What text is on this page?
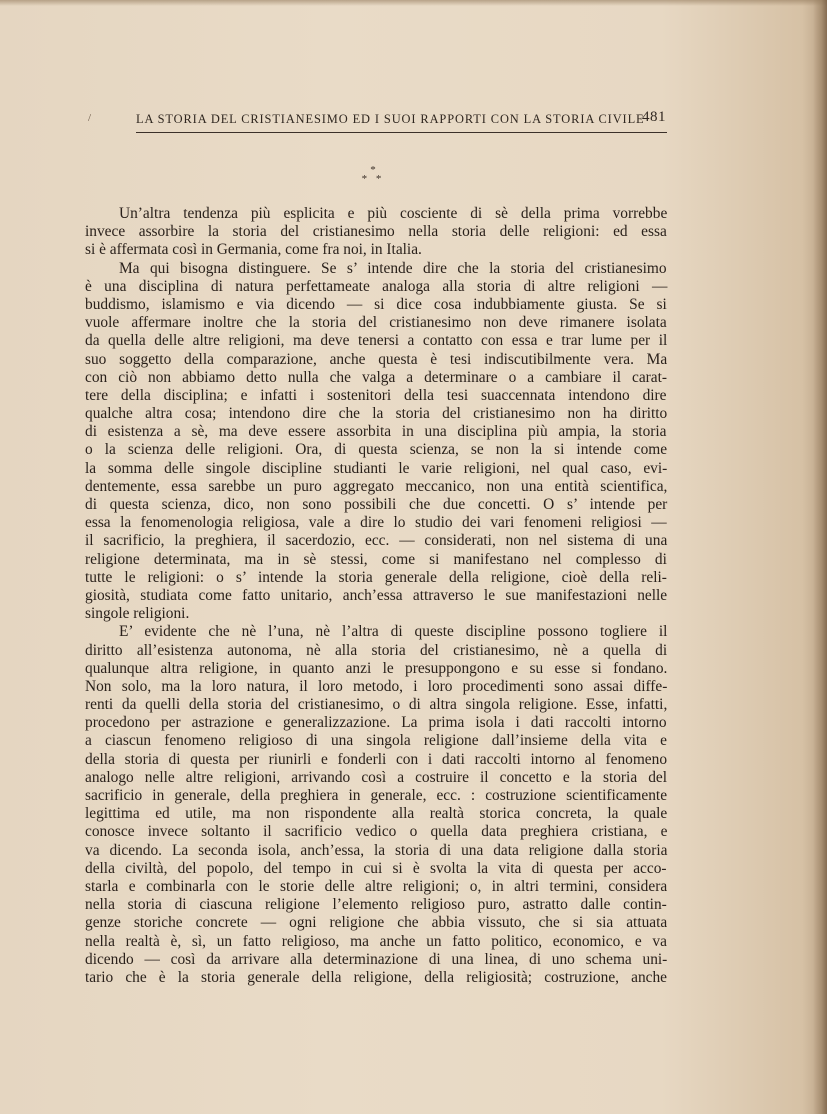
/	LA STORIA DEL CRISTIANESIMO ED I SUOI RAPPORTI CON LA STORIA CIVILE
481
*
* *
Un’altra tendenza più esplicita e più cosciente di sè della prima vorrebbe
invece assorbire la storia del cristianesimo nella storia delle religioni: ed essa
si è affermata così in Germania, come fra noi, in Italia.
Ma qui bisogna distinguere. Se s’ intende dire che la storia del cristianesimo
è una disciplina di natura perfettameate analoga alla storia di altre religioni —
buddismo, islamismo e via dicendo — si dice cosa indubbiamente giusta. Se si
vuole affermare inoltre che la storia del cristianesimo non deve rimanere isolata
da quella delle altre religioni, ma deve tenersi a contatto con essa e trar lume per il
suo soggetto della comparazione, anche questa è tesi indiscutibilmente vera. Ma
con ciò non abbiamo detto nulla che valga a determinare o a cambiare il carat-
tere della disciplina; e infatti i sostenitori della tesi suaccennata intendono dire
qualche altra cosa; intendono dire che la storia del cristianesimo non ha diritto
di esistenza a sè, ma deve essere assorbita in una disciplina più ampia, la storia
o la scienza delle religioni. Ora, di questa scienza, se non la si intende come
la somma delle singole discipline studianti le varie religioni, nel qual caso, evi-
dentemente, essa sarebbe un puro aggregato meccanico, non una entità scientifica,
di questa scienza, dico, non sono possibili che due concetti. O s’ intende per
essa la fenomenologia religiosa, vale a dire lo studio dei vari fenomeni religiosi —
il sacrificio, la preghiera, il sacerdozio, ecc. — considerati, non nel sistema di una
religione determinata, ma in sè stessi, come si manifestano nel complesso di
tutte le religioni: o s’ intende la storia generale della religione, cioè della reli-
giosità, studiata come fatto unitario, anch’essa attraverso le sue manifestazioni nelle
singole religioni.
E’ evidente che nè l’una, nè l’altra di queste discipline possono togliere il
diritto all’esistenza autonoma, nè alla storia del cristianesimo, nè a quella di
qualunque altra religione, in quanto anzi le presuppongono e su esse si fondano.
Non solo, ma la loro natura, il loro metodo, i loro procedimenti sono assai diffe-
renti da quelli della storia del cristianesimo, o di altra singola religione. Esse, infatti,
procedono per astrazione e generalizzazione. La prima isola i dati raccolti intorno
a ciascun fenomeno religioso di una singola religione dall’insieme della vita e
della storia di questa per riunirli e fonderli con i dati raccolti intorno al fenomeno
analogo nelle altre religioni, arrivando così a costruire il concetto e la storia del
sacrificio in generale, della preghiera in generale, ecc. : costruzione scientificamente
legittima ed utile, ma non rispondente alla realtà storica concreta, la quale
conosce invece soltanto il sacrificio vedico o quella data preghiera cristiana, e
va dicendo. La seconda isola, anch’essa, la storia di una data religione dalla storia
della civiltà, del popolo, del tempo in cui si è svolta la vita di questa per acco-
starla e combinarla con le storie delle altre religioni; o, in altri termini, considera
nella storia di ciascuna religione l’elemento religioso puro, astratto dalle contin-
genze storiche concrete — ogni religione che abbia vissuto, che si sia attuata
nella realtà è, sì, un fatto religioso, ma anche un fatto politico, economico, e va
dicendo — così da arrivare alla determinazione di una linea, di uno schema uni-
tario che è la storia generale della religione, della religiosità; costruzione, anche
